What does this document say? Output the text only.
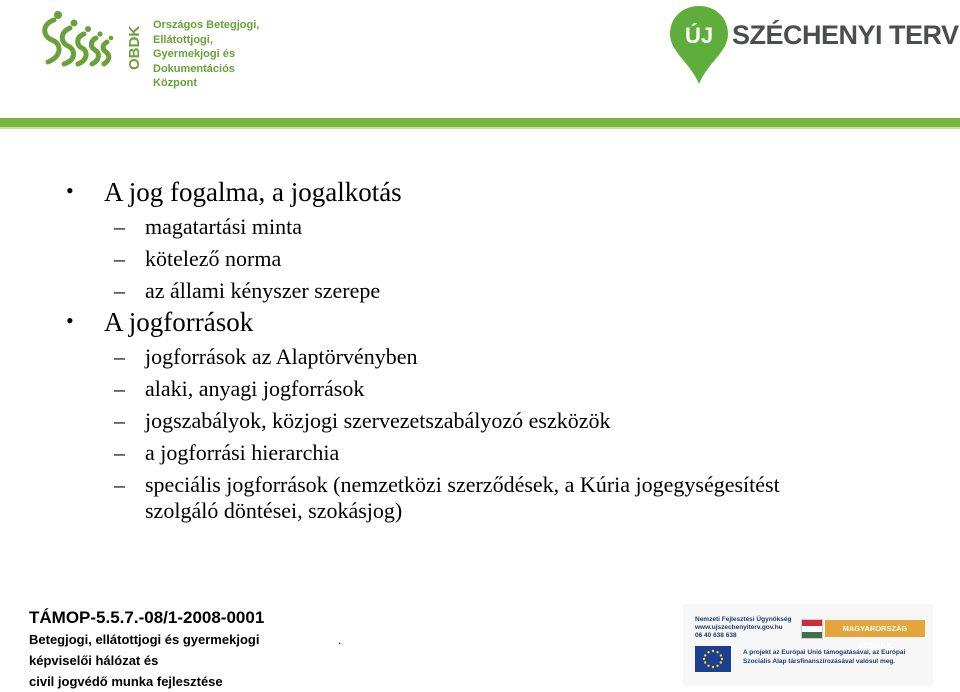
OBDK
Országos Betegjogi,
Ellátottjogi, Gyermekjogi és
Dokumentációs Központ
ÚJ SZÉCHENYI TERV
• A jog fogalma, a jogalkotás
– magatartási minta
– kötelező norma
– az állami kényszer szerepe
• A jogforrások
– jogforrások az Alaptörvényben
– alaki, anyagi jogforrások
– jogszabályok, közjogi szervezetszabályozó eszközök
– a jogforrási hierarchia
– speciális jogforrások (nemzetközi szerződések, a Kúria jogegységesítést szolgáló döntései, szokásjog)
TÁMOP-5.5.7.-08/1-2008-0001
Betegjogi, ellátottjogi és gyermekjogi
képviselői hálózat és
civil jogvédő munka fejlesztése
.
Nemzeti Fejlesztési Ügynökség
www.ujszechenyiterv.gov.hu
06 40 638 638
MAGYARORSZÁG MEGÚJUL
A projekt az Európai Unió támogatásával, az Európai
Szociális Alap társfinanszírozásával valósul meg.
